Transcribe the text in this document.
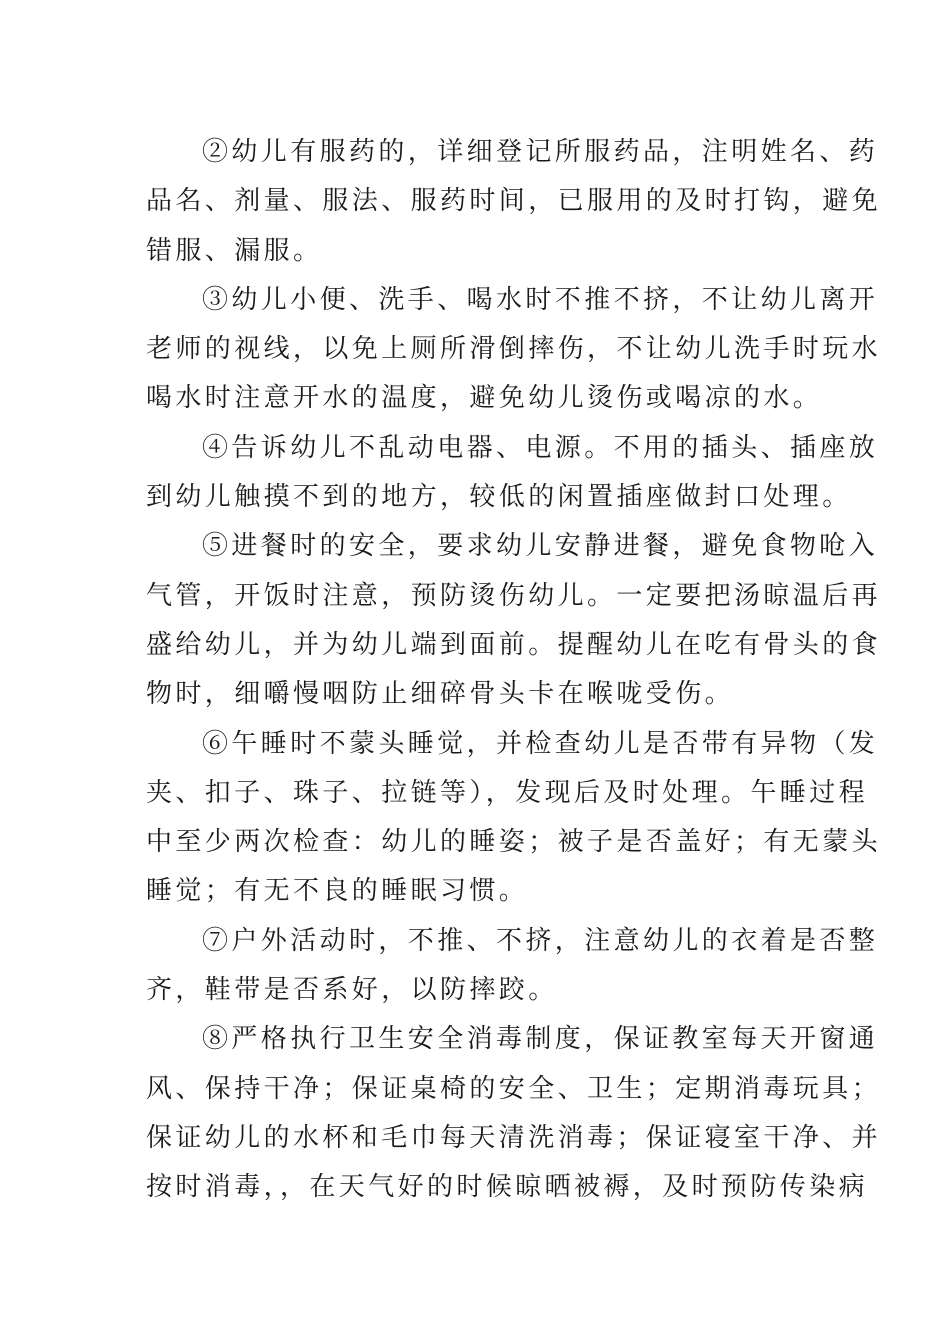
②幼儿有服药的，详细登记所服药品，注明姓名、药
品名、剂量、服法、服药时间，已服用的及时打钩，避免
错服、漏服。

③幼儿小便、洗手、喝水时不推不挤，不让幼儿离开
老师的视线，以免上厕所滑倒摔伤，不让幼儿洗手时玩水
喝水时注意开水的温度，避免幼儿烫伤或喝凉的水。

④告诉幼儿不乱动电器、电源。不用的插头、插座放
到幼儿触摸不到的地方，较低的闲置插座做封口处理。

⑤进餐时的安全，要求幼儿安静进餐，避免食物呛入
气管，开饭时注意，预防烫伤幼儿。一定要把汤晾温后再
盛给幼儿，并为幼儿端到面前。提醒幼儿在吃有骨头的食
物时，细嚼慢咽防止细碎骨头卡在喉咙受伤。

⑥午睡时不蒙头睡觉，并检查幼儿是否带有异物（发
夹、扣子、珠子、拉链等），发现后及时处理。午睡过程
中至少两次检查：幼儿的睡姿；被子是否盖好；有无蒙头
睡觉；有无不良的睡眠习惯。

⑦户外活动时，不推、不挤，注意幼儿的衣着是否整
齐，鞋带是否系好，以防摔跤。

⑧严格执行卫生安全消毒制度，保证教室每天开窗通
风、保持干净；保证桌椅的安全、卫生；定期消毒玩具；
保证幼儿的水杯和毛巾每天清洗消毒；保证寝室干净、并
按时消毒，，在天气好的时候晾晒被褥，及时预防传染病
